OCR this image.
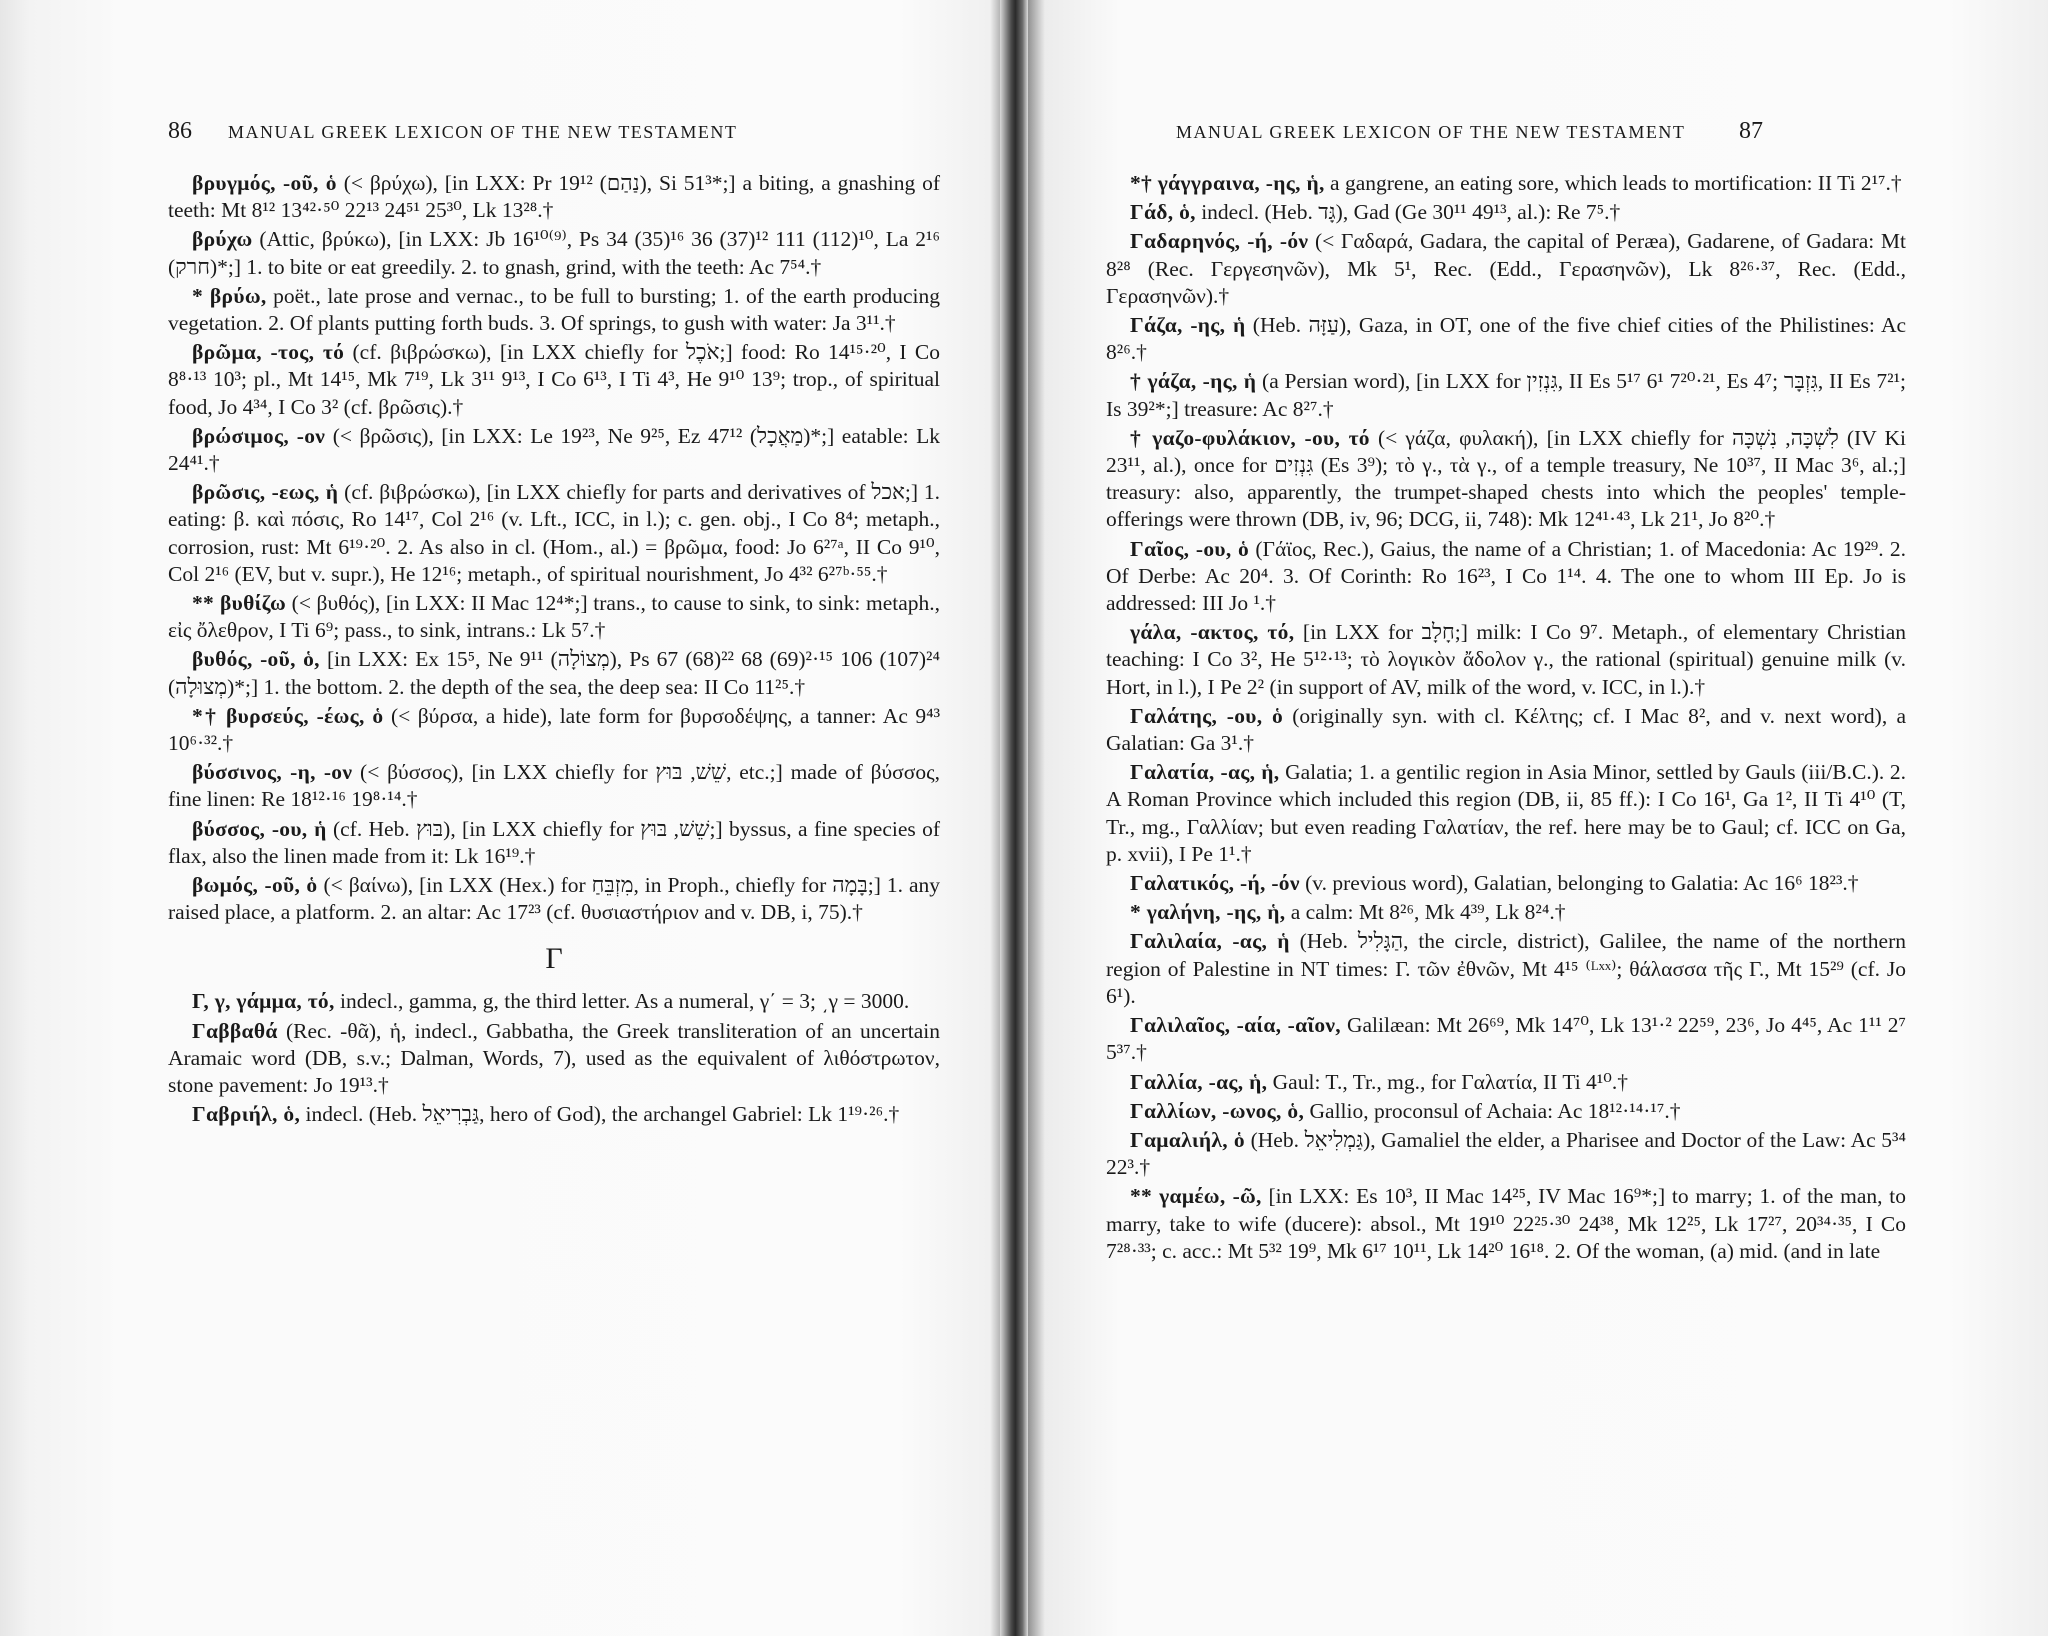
86 MANUAL GREEK LEXICON OF THE NEW TESTAMENT

βρυγμός, -οῦ, ὁ (< βρύχω), [in LXX: Pr 19¹² (נַהַם), Si 51³*;] a biting, a gnashing of teeth: Mt 8¹² 13⁴²·⁵⁰ 22¹³ 24⁵¹ 25³⁰, Lk 13²⁸.†

βρύχω (Attic, βρύκω), [in LXX: Jb 16¹⁰⁽⁹⁾, Ps 34 (35)¹⁶ 36 (37)¹² 111 (112)¹⁰, La 2¹⁶ (חרק)*;] 1. to bite or eat greedily. 2. to gnash, grind, with the teeth: Ac 7⁵⁴.†

* βρύω, poët., late prose and vernac., to be full to bursting; 1. of the earth producing vegetation. 2. Of plants putting forth buds. 3. Of springs, to gush with water: Ja 3¹¹.†

βρῶμα, -τος, τό (cf. βιβρώσκω), [in LXX chiefly for אֹכֶל;] food: Ro 14¹⁵·²⁰, I Co 8⁸·¹³ 10³; pl., Mt 14¹⁵, Mk 7¹⁹, Lk 3¹¹ 9¹³, I Co 6¹³, I Ti 4³, He 9¹⁰ 13⁹; trop., of spiritual food, Jo 4³⁴, I Co 3² (cf. βρῶσις).†

βρώσιμος, -ον (< βρῶσις), [in LXX: Le 19²³, Ne 9²⁵, Ez 47¹² (מַאֲכָל)*;] eatable: Lk 24⁴¹.†

βρῶσις, -εως, ἡ (cf. βιβρώσκω), [in LXX chiefly for parts and derivatives of אכל;] 1. eating: β. καὶ πόσις, Ro 14¹⁷, Col 2¹⁶ (v. Lft., ICC, in l.); c. gen. obj., I Co 8⁴; metaph., corrosion, rust: Mt 6¹⁹·²⁰. 2. As also in cl. (Hom., al.) = βρῶμα, food: Jo 6²⁷ᵃ, II Co 9¹⁰, Col 2¹⁶ (EV, but v. supr.), He 12¹⁶; metaph., of spiritual nourishment, Jo 4³² 6²⁷ᵇ·⁵⁵.†

** βυθίζω (< βυθός), [in LXX: II Mac 12⁴*;] trans., to cause to sink, to sink: metaph., εἰς ὄλεθρον, I Ti 6⁹; pass., to sink, intrans.: Lk 5⁷.†

βυθός, -οῦ, ὁ, [in LXX: Ex 15⁵, Ne 9¹¹ (מְצוֹלָה), Ps 67 (68)²² 68 (69)²·¹⁵ 106 (107)²⁴ (מְצוּלָה)*;] 1. the bottom. 2. the depth of the sea, the deep sea: II Co 11²⁵.†

*† βυρσεύς, -έως, ὁ (< βύρσα, a hide), late form for βυρσοδέψης, a tanner: Ac 9⁴³ 10⁶·³².†

βύσσινος, -η, -ον (< βύσσος), [in LXX chiefly for שֵׁשׁ, בּוּץ, etc.;] made of βύσσος, fine linen: Re 18¹²·¹⁶ 19⁸·¹⁴.†

βύσσος, -ου, ἡ (cf. Heb. בּוּץ), [in LXX chiefly for שֵׁשׁ, בּוּץ;] byssus, a fine species of flax, also the linen made from it: Lk 16¹⁹.†

βωμός, -οῦ, ὁ (< βαίνω), [in LXX (Hex.) for מִזְבֵּחַ, in Proph., chiefly for בָּמָה;] 1. any raised place, a platform. 2. an altar: Ac 17²³ (cf. θυσιαστήριον and v. DB, i, 75).†

Γ

Γ, γ, γάμμα, τό, indecl., gamma, g, the third letter. As a numeral, γ΄ = 3; ͵γ = 3000.

Γαββαθά (Rec. -θᾶ), ἡ, indecl., Gabbatha, the Greek transliteration of an uncertain Aramaic word (DB, s.v.; Dalman, Words, 7), used as the equivalent of λιθόστρωτον, stone pavement: Jo 19¹³.†

Γαβριήλ, ὁ, indecl. (Heb. גַּבְרִיאֵל, hero of God), the archangel Gabriel: Lk 1¹⁹·²⁶.†

MANUAL GREEK LEXICON OF THE NEW TESTAMENT 87

*† γάγγραινα, -ης, ἡ, a gangrene, an eating sore, which leads to mortification: II Ti 2¹⁷.†

Γάδ, ὁ, indecl. (Heb. גָּד), Gad (Ge 30¹¹ 49¹³, al.): Re 7⁵.†

Γαδαρηνός, -ή, -όν (< Γαδαρά, Gadara, the capital of Peræa), Gadarene, of Gadara: Mt 8²⁸ (Rec. Γεργεσηνῶν), Mk 5¹, Rec. (Edd., Γερασηνῶν), Lk 8²⁶·³⁷, Rec. (Edd., Γερασηνῶν).†

Γάζα, -ης, ἡ (Heb. עַזָּה), Gaza, in OT, one of the five chief cities of the Philistines: Ac 8²⁶.†

† γάζα, -ης, ἡ (a Persian word), [in LXX for גִּנְזִין, II Es 5¹⁷ 6¹ 7²⁰·²¹, Es 4⁷; גִּזְבָּר, II Es 7²¹; Is 39²*;] treasure: Ac 8²⁷.†

† γαζο-φυλάκιον, -ου, τό (< γάζα, φυλακή), [in LXX chiefly for לִשְׁכָּה, נִשְׁכָּה (IV Ki 23¹¹, al.), once for גִּנְזִים (Es 3⁹); τὸ γ., τὰ γ., of a temple treasury, Ne 10³⁷, II Mac 3⁶, al.;] treasury: also, apparently, the trumpet-shaped chests into which the peoples' temple-offerings were thrown (DB, iv, 96; DCG, ii, 748): Mk 12⁴¹·⁴³, Lk 21¹, Jo 8²⁰.†

Γαῖος, -ου, ὁ (Γάϊος, Rec.), Gaius, the name of a Christian; 1. of Macedonia: Ac 19²⁹. 2. Of Derbe: Ac 20⁴. 3. Of Corinth: Ro 16²³, I Co 1¹⁴. 4. The one to whom III Ep. Jo is addressed: III Jo ¹.†

γάλα, -ακτος, τό, [in LXX for חָלָב;] milk: I Co 9⁷. Metaph., of elementary Christian teaching: I Co 3², He 5¹²·¹³; τὸ λογικὸν ἄδολον γ., the rational (spiritual) genuine milk (v. Hort, in l.), I Pe 2² (in support of AV, milk of the word, v. ICC, in l.).†

Γαλάτης, -ου, ὁ (originally syn. with cl. Κέλτης; cf. I Mac 8², and v. next word), a Galatian: Ga 3¹.†

Γαλατία, -ας, ἡ, Galatia; 1. a gentilic region in Asia Minor, settled by Gauls (iii/B.C.). 2. A Roman Province which included this region (DB, ii, 85 ff.): I Co 16¹, Ga 1², II Ti 4¹⁰ (T, Tr., mg., Γαλλίαν; but even reading Γαλατίαν, the ref. here may be to Gaul; cf. ICC on Ga, p. xvii), I Pe 1¹.†

Γαλατικός, -ή, -όν (v. previous word), Galatian, belonging to Galatia: Ac 16⁶ 18²³.†

* γαλήνη, -ης, ἡ, a calm: Mt 8²⁶, Mk 4³⁹, Lk 8²⁴.†

Γαλιλαία, -ας, ἡ (Heb. הַגָּלִיל, the circle, district), Galilee, the name of the northern region of Palestine in NT times: Γ. τῶν ἐθνῶν, Mt 4¹⁵ ⁽ᴸˣˣ⁾; θάλασσα τῆς Γ., Mt 15²⁹ (cf. Jo 6¹).

Γαλιλαῖος, -αία, -αῖον, Galilæan: Mt 26⁶⁹, Mk 14⁷⁰, Lk 13¹·² 22⁵⁹, 23⁶, Jo 4⁴⁵, Ac 1¹¹ 2⁷ 5³⁷.†

Γαλλία, -ας, ἡ, Gaul: T., Tr., mg., for Γαλατία, II Ti 4¹⁰.†

Γαλλίων, -ωνος, ὁ, Gallio, proconsul of Achaia: Ac 18¹²·¹⁴·¹⁷.†

Γαμαλιήλ, ὁ (Heb. גַּמְלִיאֵל), Gamaliel the elder, a Pharisee and Doctor of the Law: Ac 5³⁴ 22³.†

** γαμέω, -ῶ, [in LXX: Es 10³, II Mac 14²⁵, IV Mac 16⁹*;] to marry; 1. of the man, to marry, take to wife (ducere): absol., Mt 19¹⁰ 22²⁵·³⁰ 24³⁸, Mk 12²⁵, Lk 17²⁷, 20³⁴·³⁵, I Co 7²⁸·³³; c. acc.: Mt 5³² 19⁹, Mk 6¹⁷ 10¹¹, Lk 14²⁰ 16¹⁸. 2. Of the woman, (a) mid. (and in late
